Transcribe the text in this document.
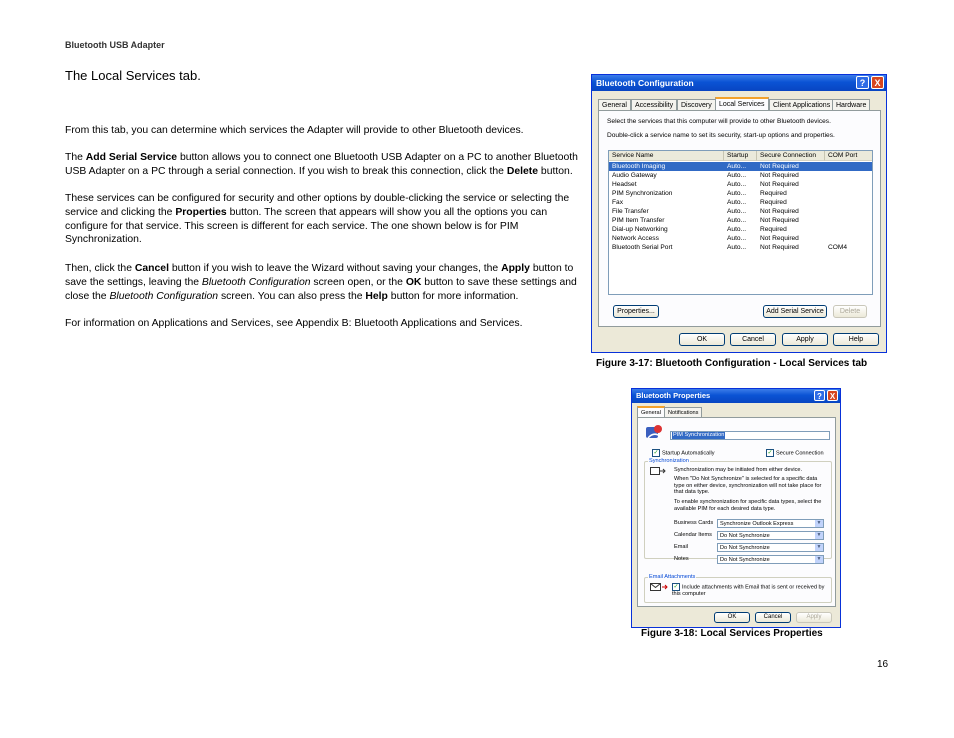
Bluetooth USB Adapter
The Local Services tab.
From this tab, you can determine which services the Adapter will provide to other Bluetooth devices.
The Add Serial Service button allows you to connect one Bluetooth USB Adapter on a PC to another Bluetooth USB Adapter on a PC through a serial connection. If you wish to break this connection, click the Delete button.
These services can be configured for security and other options by double-clicking the service or selecting the service and clicking the Properties button. The screen that appears will show you all the options you can configure for that service. This screen is different for each service. The one shown below is for PIM Synchronization.
Then, click the Cancel button if you wish to leave the Wizard without saving your changes, the Apply button to save the settings, leaving the Bluetooth Configuration screen open, or the OK button to save these settings and close the Bluetooth Configuration screen. You can also press the Help button for more information.
For information on Applications and Services, see Appendix B: Bluetooth Applications and Services.
Bluetooth Configuration	?	X
General	Accessibility	Discovery	Local Services	Client Applications Hardware
Select the services that this computer will provide to other Bluetooth devices.
Double-click a service name to set its security, start-up options and properties.
Service Name	Startup	Secure Connection	COM Port
Bluetooth Imaging	Auto... Not Required
Audio Gateway	Auto... Not Required
Headset	Auto... Not Required
PIM Synchronization	Auto... Required
Fax	Auto... Required
File Transfer	Auto... Not Required
PIM Item Transfer	Auto... Not Required
Dial-up Networking	Auto... Required
Network Access	Auto... Not Required
Bluetooth Serial Port	Auto... Not Required	COM4
Properties...	Add Serial Service	Delete
OK	Cancel	Apply	Help
Figure 3-17: Bluetooth Configuration - Local Services tab
Bluetooth Properties	? X
General	Notifications
PIM Synchronization
✓ Startup Automatically	✓ Secure Connection
Synchronization
Synchronization may be initiated from either device.
When "Do Not Synchronize" is selected for a specific data type on either device, synchronization will not take place for that data type.
To enable synchronization for specific data types, select the available PIM for each desired data type.
Business Cards	Synchronize Outlook Express	▼
Calendar Items	Do Not Synchronize	▼
Email	Do Not Synchronize	▼
Notes	Do Not Synchronize	▼
Email Attachments
✓ Include attachments with Email that is sent or received by this computer
OK	Cancel	Apply
Figure 3-18: Local Services Properties
16
